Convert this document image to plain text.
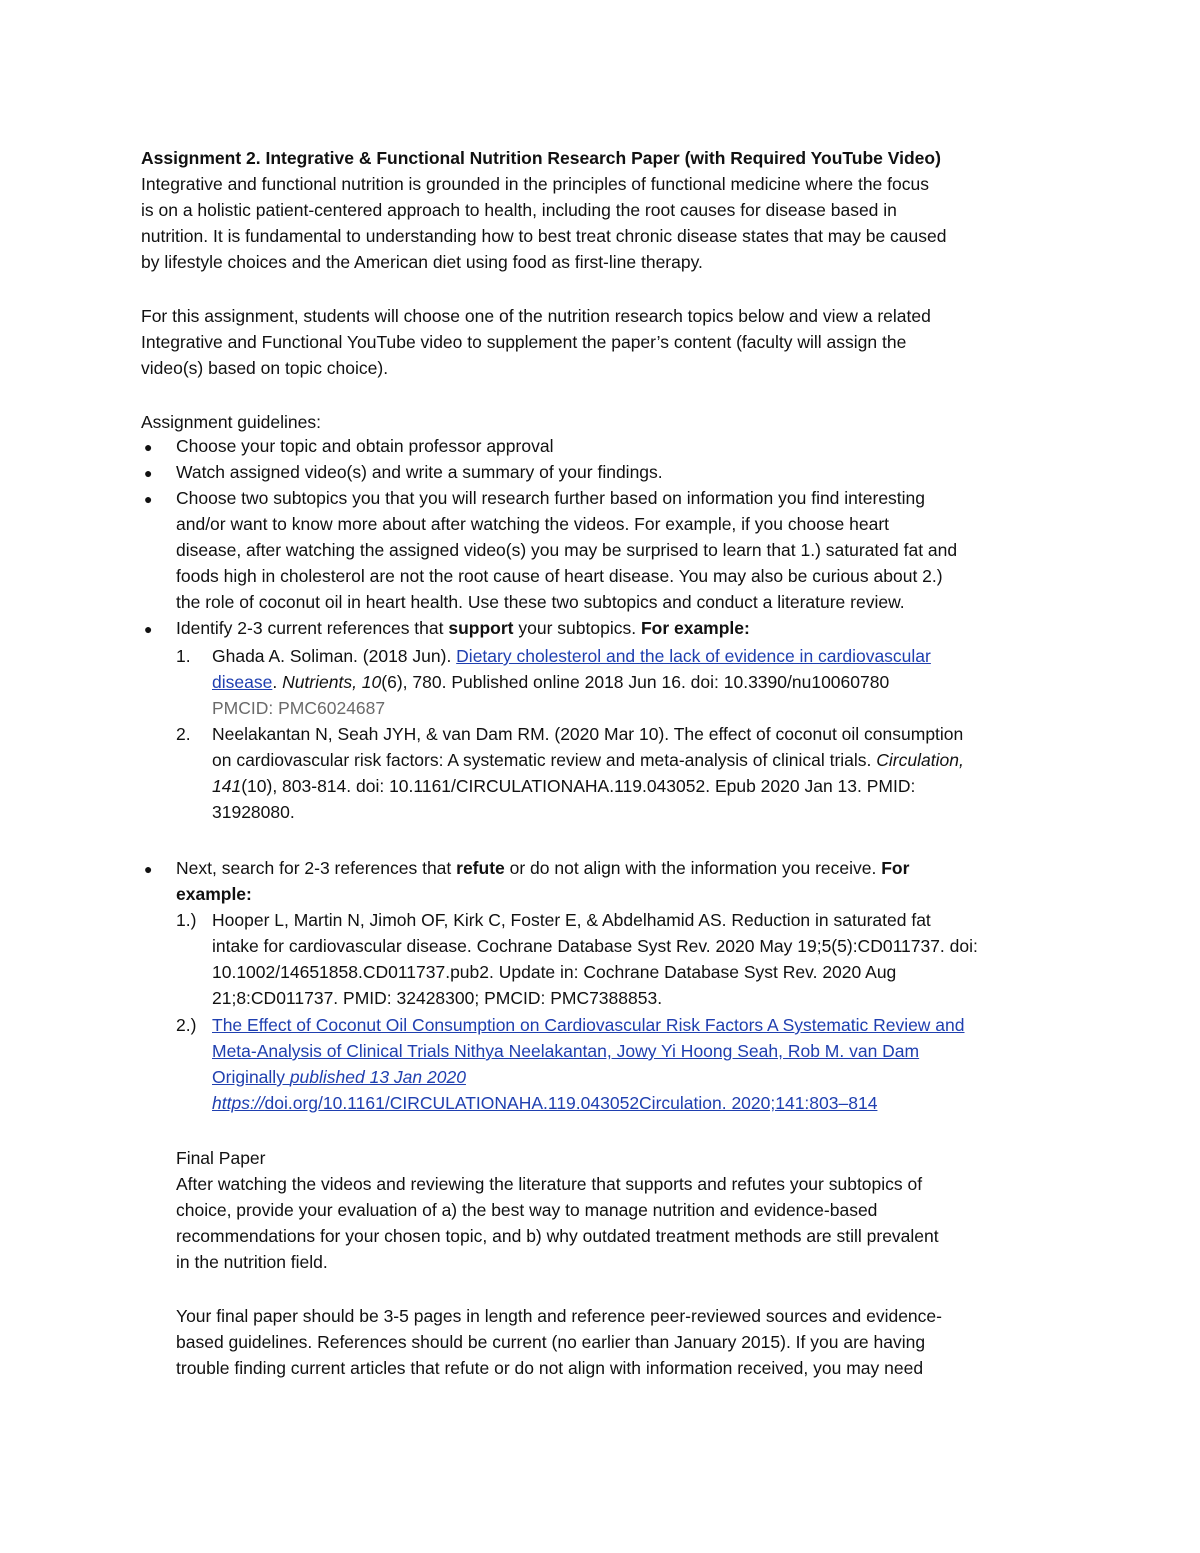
Assignment 2. Integrative & Functional Nutrition Research Paper (with Required YouTube Video)
Integrative and functional nutrition is grounded in the principles of functional medicine where the focus
is on a holistic patient-centered approach to health, including the root causes for disease based in
nutrition. It is fundamental to understanding how to best treat chronic disease states that may be caused
by lifestyle choices and the American diet using food as first-line therapy.
For this assignment, students will choose one of the nutrition research topics below and view a related
Integrative and Functional YouTube video to supplement the paper’s content (faculty will assign the
video(s) based on topic choice).
Assignment guidelines:
● Choose your topic and obtain professor approval
● Watch assigned video(s) and write a summary of your findings.
● Choose two subtopics you that you will research further based on information you find interesting
and/or want to know more about after watching the videos. For example, if you choose heart
disease, after watching the assigned video(s) you may be surprised to learn that 1.) saturated fat and
foods high in cholesterol are not the root cause of heart disease. You may also be curious about 2.)
the role of coconut oil in heart health. Use these two subtopics and conduct a literature review.
● Identify 2-3 current references that support your subtopics. For example:
1.	Ghada A. Soliman. (2018 Jun). Dietary cholesterol and the lack of evidence in cardiovascular
disease. Nutrients, 10(6), 780. Published online 2018 Jun 16. doi: 10.3390/nu10060780
PMCID: PMC6024687
2.	Neelakantan N, Seah JYH, & van Dam RM. (2020 Mar 10). The effect of coconut oil consumption
on cardiovascular risk factors: A systematic review and meta-analysis of clinical trials. Circulation,
141(10), 803-814. doi: 10.1161/CIRCULATIONAHA.119.043052. Epub 2020 Jan 13. PMID:
31928080.
● Next, search for 2-3 references that refute or do not align with the information you receive. For
example:
1.) Hooper L, Martin N, Jimoh OF, Kirk C, Foster E, & Abdelhamid AS. Reduction in saturated fat
intake for cardiovascular disease. Cochrane Database Syst Rev. 2020 May 19;5(5):CD011737. doi:
10.1002/14651858.CD011737.pub2. Update in: Cochrane Database Syst Rev. 2020 Aug
21;8:CD011737. PMID: 32428300; PMCID: PMC7388853.
2.) The Effect of Coconut Oil Consumption on Cardiovascular Risk Factors A Systematic Review and
Meta-Analysis of Clinical Trials Nithya Neelakantan, Jowy Yi Hoong Seah, Rob M. van Dam
Originally published 13 Jan 2020
https://doi.org/10.1161/CIRCULATIONAHA.119.043052Circulation. 2020;141:803–814
Final Paper
After watching the videos and reviewing the literature that supports and refutes your subtopics of
choice, provide your evaluation of a) the best way to manage nutrition and evidence-based
recommendations for your chosen topic, and b) why outdated treatment methods are still prevalent
in the nutrition field.
Your final paper should be 3-5 pages in length and reference peer-reviewed sources and evidence-
based guidelines. References should be current (no earlier than January 2015). If you are having
trouble finding current articles that refute or do not align with information received, you may need
